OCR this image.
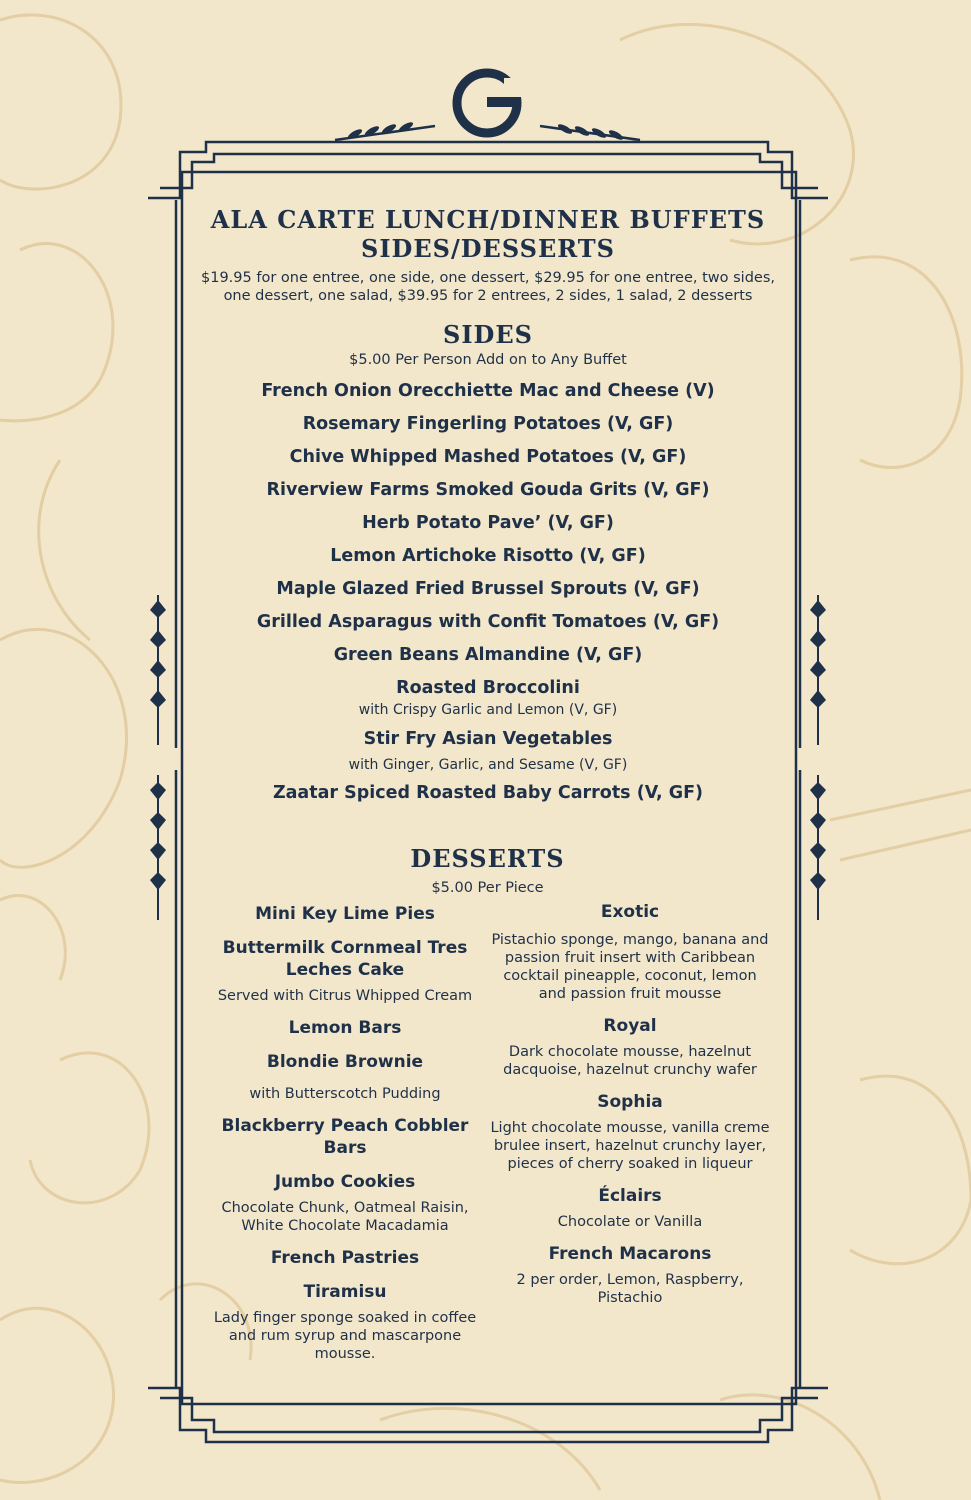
ALA CARTE LUNCH/DINNER BUFFETS
SIDES/DESSERTS

$19.95 for one entree, one side, one dessert, $29.95 for one entree, two sides,

one dessert, one salad, $39.95 for 2 entrees, 2 sides, 1 salad, 2 desserts

SIDES

$5.00 Per Person Add on to Any Buffet

French Onion Orecchiette Mac and Cheese (V)

Rosemary Fingerling Potatoes (V, GF)

Chive Whipped Mashed Potatoes (V, GF)

Riverview Farms Smoked Gouda Grits (V, GF)

Herb Potato Pave’ (V, GF)

Lemon Artichoke Risotto (V, GF)

Maple Glazed Fried Brussel Sprouts (V, GF)

Grilled Asparagus with Confit Tomatoes (V, GF)

Green Beans Almandine (V, GF)

Roasted Broccolini

with Crispy Garlic and Lemon (V, GF)

Stir Fry Asian Vegetables

with Ginger, Garlic, and Sesame (V, GF)

Zaatar Spiced Roasted Baby Carrots (V, GF)

DESSERTS

$5.00 Per Piece

Mini Key Lime Pies

Buttermilk Cornmeal Tres Leches Cake

Served with Citrus Whipped Cream

Lemon Bars

Blondie Brownie

with Butterscotch Pudding

Blackberry Peach Cobbler Bars

Jumbo Cookies

Chocolate Chunk, Oatmeal Raisin, White Chocolate Macadamia

French Pastries

Tiramisu

Lady finger sponge soaked in coffee and rum syrup and mascarpone mousse.

Exotic

Pistachio sponge, mango, banana and passion fruit insert with Caribbean cocktail pineapple, coconut, lemon and passion fruit mousse

Royal

Dark chocolate mousse, hazelnut dacquoise, hazelnut crunchy wafer

Sophia

Light chocolate mousse, vanilla creme brulee insert, hazelnut crunchy layer, pieces of cherry soaked in liqueur

Éclairs

Chocolate or Vanilla

French Macarons

2 per order, Lemon, Raspberry, Pistachio
